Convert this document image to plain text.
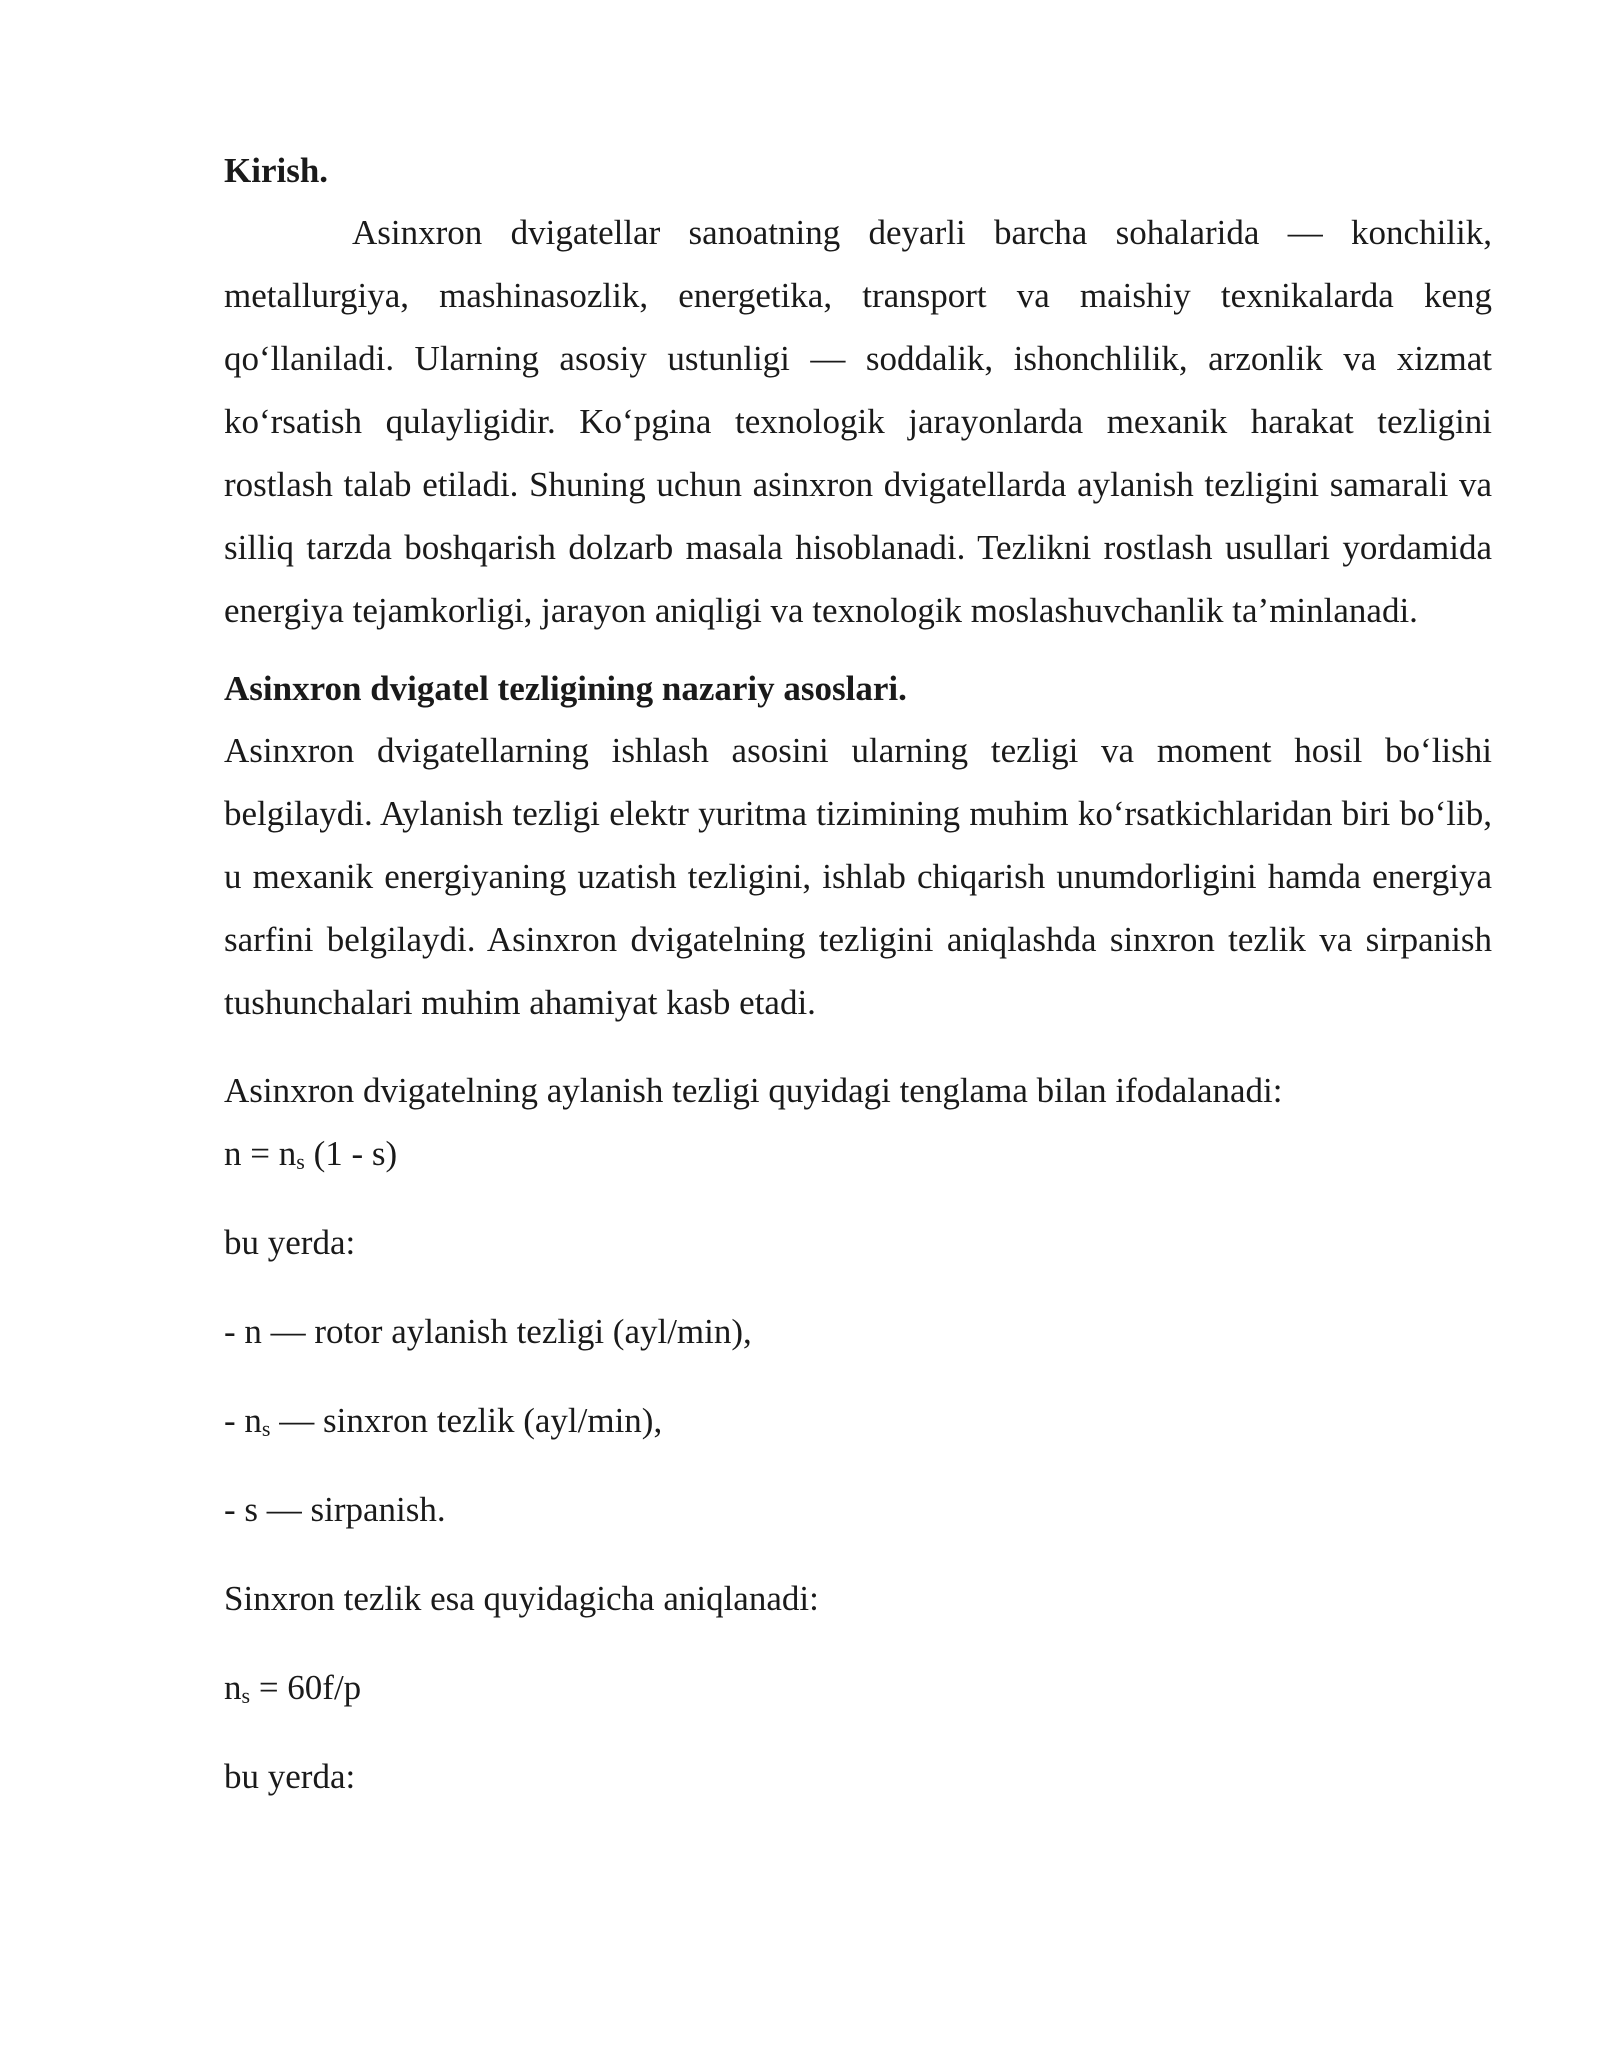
Kirish.

Asinxron dvigatellar sanoatning deyarli barcha sohalarida — konchilik, metallurgiya, mashinasozlik, energetika, transport va maishiy texnikalarda keng qo‘llaniladi. Ularning asosiy ustunligi — soddalik, ishonchlilik, arzonlik va xizmat ko‘rsatish qulayligidir. Ko‘pgina texnologik jarayonlarda mexanik harakat tezligini rostlash talab etiladi. Shuning uchun asinxron dvigatellarda aylanish tezligini samarali va silliq tarzda boshqarish dolzarb masala hisoblanadi. Tezlikni rostlash usullari yordamida energiya tejamkorligi, jarayon aniqligi va texnologik moslashuvchanlik ta’minlanadi.

Asinxron dvigatel tezligining nazariy asoslari.

Asinxron dvigatellarning ishlash asosini ularning tezligi va moment hosil bo‘lishi belgilaydi. Aylanish tezligi elektr yuritma tizimining muhim ko‘rsatkichlaridan biri bo‘lib, u mexanik energiyaning uzatish tezligini, ishlab chiqarish unumdorligini hamda energiya sarfini belgilaydi. Asinxron dvigatelning tezligini aniqlashda sinxron tezlik va sirpanish tushunchalari muhim ahamiyat kasb etadi.

Asinxron dvigatelning aylanish tezligi quyidagi tenglama bilan ifodalanadi:
$n = n_s$ (1 - s)

bu yerda:

- n — rotor aylanish tezligi (ayl/min),

- $n_s$ — sinxron tezlik (ayl/min),

- s — sirpanish.

Sinxron tezlik esa quyidagicha aniqlanadi:

$n_s = 60f/p$

bu yerda:
